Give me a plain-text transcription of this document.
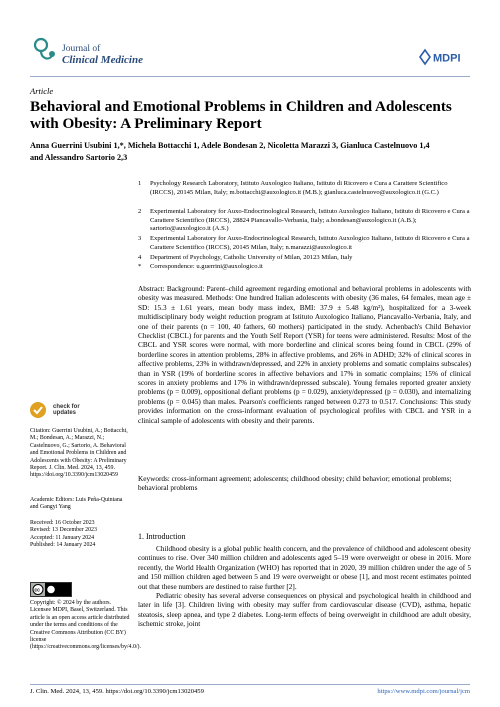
Journal of
Clinical Medicine	MDPI
Article
Behavioral and Emotional Problems in Children and Adolescents with Obesity: A Preliminary Report
Anna Guerrini Usubini 1,*, Michela Bottacchi 1, Adele Bondesan 2, Nicoletta Marazzi 3, Gianluca Castelnuovo 1,4
and Alessandro Sartorio 2,3
1 Psychology Research Laboratory, Istituto Auxologico Italiano, Istituto di Ricovero e Cura a Carattere Scientifico (IRCCS), 20145 Milan, Italy; m.bottacchi@auxologico.it (M.B.); gianluca.castelnuovo@auxologico.it (G.C.)
2 Experimental Laboratory for Auxo-Endocrinological Research, Istituto Auxologico Italiano, Istituto di Ricovero e Cura a Carattere Scientifico (IRCCS), 28824 Piancavallo-Verbania, Italy; a.bondesan@auxologico.it (A.B.); sartorio@auxologico.it (A.S.)
3 Experimental Laboratory for Auxo-Endocrinological Research, Istituto Auxologico Italiano, Istituto di Ricovero e Cura a Carattere Scientifico (IRCCS), 20145 Milan, Italy; n.marazzi@auxologico.it
4 Department of Psychology, Catholic University of Milan, 20123 Milan, Italy
* Correspondence: u.guerrini@auxologico.it
Abstract: Background: Parent–child agreement regarding emotional and behavioral problems in adolescents with obesity was measured. Methods: One hundred Italian adolescents with obesity (36 males, 64 females, mean age ± SD: 15.3 ± 1.61 years, mean body mass index, BMI: 37.9 ± 5.48 kg/m²), hospitalized for a 3-week multidisciplinary body weight reduction program at Istituto Auxologico Italiano, Piancavallo-Verbania, Italy, and one of their parents (n = 100, 40 fathers, 60 mothers) participated in the study. Achenbach's Child Behavior Checklist (CBCL) for parents and the Youth Self Report (YSR) for teens were administered. Results: Most of the CBCL and YSR scores were normal, with more borderline and clinical scores being found in CBCL (29% of borderline scores in attention problems, 28% in affective problems, and 26% in ADHD; 32% of clinical scores in affective problems, 23% in withdrawn/depressed, and 22% in anxiety problems and somatic complains subscales) than in YSR (19% of borderline scores in affective behaviors and 17% in somatic complains; 15% of clinical scores in anxiety problems and 17% in withdrawn/depressed subscale). Young females reported greater anxiety problems (p = 0.009), oppositional defiant problems (p = 0.029), anxiety/depressed (p = 0.030), and internalizing problems (p = 0.045) than males. Pearson's coefficients ranged between 0.273 to 0.517. Conclusions: This study provides information on the cross-informant evaluation of psychological profiles with CBCL and YSR in a clinical sample of adolescents with obesity and their parents.
Keywords: cross-informant agreement; adolescents; childhood obesity; child behavior; emotional problems; behavioral problems
check for
updates
Citation: Guerrini Usubini, A.; Bottacchi, M.; Bondesan, A.; Marazzi, N.; Castelnuovo, G.; Sartorio, A. Behavioral and Emotional Problems in Children and Adolescents with Obesity: A Preliminary Report. J. Clin. Med. 2024, 13, 459. https://doi.org/10.3390/jcm13020459
Academic Editors: Luis Peña-Quintana and Gangyi Yang
Received: 16 October 2023
Revised: 13 December 2023
Accepted: 11 January 2024
Published: 14 January 2024
cc
Copyright: © 2024 by the authors. Licensee MDPI, Basel, Switzerland. This article is an open access article distributed under the terms and conditions of the Creative Commons Attribution (CC BY) license (https://creativecommons.org/licenses/by/4.0/).
1. Introduction

Childhood obesity is a global public health concern, and the prevalence of childhood and adolescent obesity continues to rise. Over 340 million children and adolescents aged 5–19 were overweight or obese in 2016. More recently, the World Health Organization (WHO) has reported that in 2020, 39 million children under the age of 5 and 150 million children aged between 5 and 19 were overweight or obese [1], and most recent estimates pointed out that these numbers are destined to raise further [2].

Pediatric obesity has several adverse consequences on physical and psychological health in childhood and later in life [3]. Children living with obesity may suffer from cardiovascular disease (CVD), asthma, hepatic steatosis, sleep apnea, and type 2 diabetes. Long-term effects of being overweight in childhood are adult obesity, ischemic stroke, joint

J. Clin. Med. 2024, 13, 459. https://doi.org/10.3390/jcm13020459	https://www.mdpi.com/journal/jcm
